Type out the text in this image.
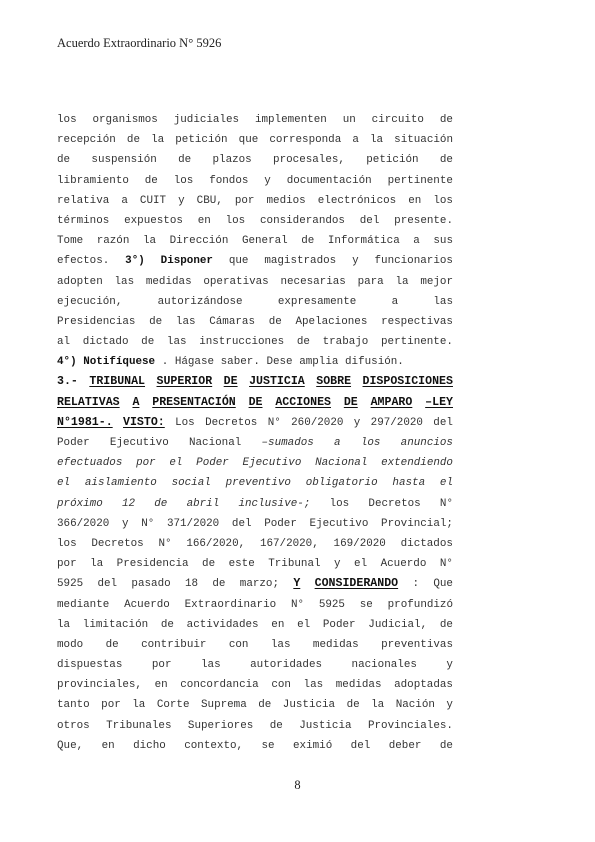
Acuerdo Extraordinario N° 5926
los organismos judiciales implementen un circuito de
recepción de la petición que corresponda a la situación
de suspensión de plazos procesales, petición de
libramiento de los fondos y documentación pertinente
relativa a CUIT y CBU, por medios electrónicos en los
términos expuestos en los considerandos del presente.
Tome razón la Dirección General de Informática a sus
efectos. 3°) Disponer que magistrados y funcionarios
adopten las medidas operativas necesarias para la mejor
ejecución,	autorizándose	expresamente	a	las
Presidencias de las Cámaras de Apelaciones respectivas
al dictado de las instrucciones de trabajo pertinente.
4°) Notifíquese . Hágase saber. Dese amplia difusión.
3.- TRIBUNAL SUPERIOR DE JUSTICIA SOBRE DISPOSICIONES
RELATIVAS A PRESENTACIÓN DE ACCIONES DE AMPARO –LEY
N°1981-. VISTO: Los Decretos N° 260/2020 y 297/2020 del
Poder Ejecutivo Nacional –sumados a los anuncios
efectuados por el Poder Ejecutivo Nacional extendiendo
el aislamiento social preventivo obligatorio hasta el
próximo 12 de abril inclusive-; los Decretos N°
366/2020 y N° 371/2020 del Poder Ejecutivo Provincial;
los Decretos N° 166/2020, 167/2020, 169/2020 dictados
por la Presidencia de este Tribunal y el Acuerdo N°
5925 del pasado 18 de marzo; Y CONSIDERANDO : Que
mediante Acuerdo Extraordinario N° 5925 se profundizó
la limitación de actividades en el Poder Judicial, de
modo de contribuir con las medidas preventivas
dispuestas	por	las	autoridades	nacionales	y
provinciales, en concordancia con las medidas adoptadas
tanto por la Corte Suprema de Justicia de la Nación y
otros Tribunales Superiores de Justicia Provinciales.
Que, en dicho contexto, se eximió del deber de
8
